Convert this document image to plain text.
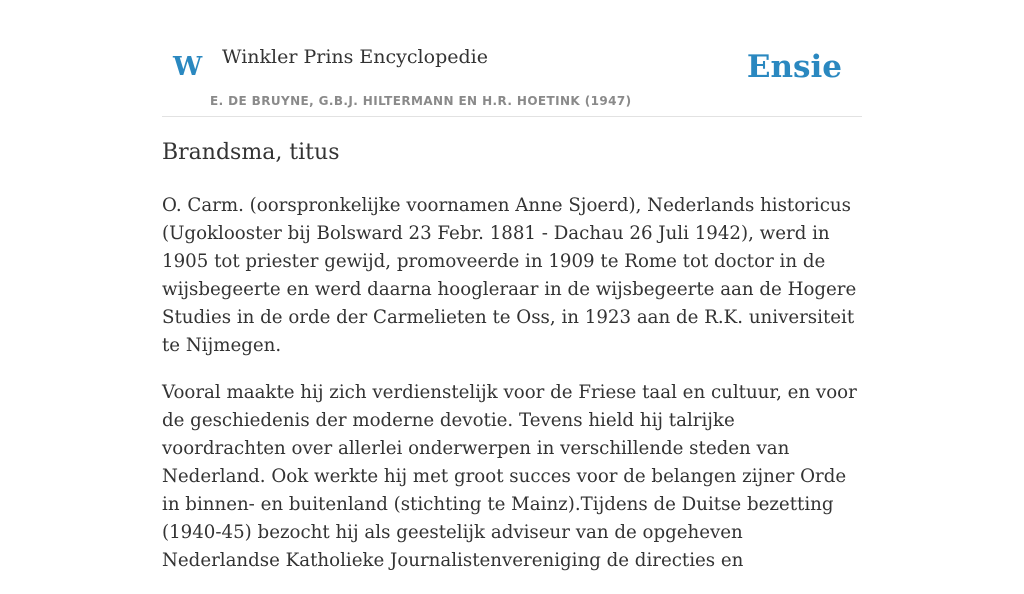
W Winkler Prins Encyclopedie
E. DE BRUYNE, G.B.J. HILTERMANN EN H.R. HOETINK (1947)
Ensie
Brandsma, titus

O. Carm. (oorspronkelijke voornamen Anne Sjoerd), Nederlands historicus (Ugoklooster bij Bolsward 23 Febr. 1881 - Dachau 26 Juli 1942), werd in 1905 tot priester gewijd, promoveerde in 1909 te Rome tot doctor in de wijsbegeerte en werd daarna hoogleraar in de wijsbegeerte aan de Hogere Studies in de orde der Carmelieten te Oss, in 1923 aan de R.K. universiteit te Nijmegen.

Vooral maakte hij zich verdienstelijk voor de Friese taal en cultuur, en voor de geschiedenis der moderne devotie. Tevens hield hij talrijke voordrachten over allerlei onderwerpen in verschillende steden van Nederland. Ook werkte hij met groot succes voor de belangen zijner Orde in binnen- en buitenland (stichting te Mainz).Tijdens de Duitse bezetting (1940-45) bezocht hij als geestelijk adviseur van de opgeheven Nederlandse Katholieke Journalistenvereniging de directies en
